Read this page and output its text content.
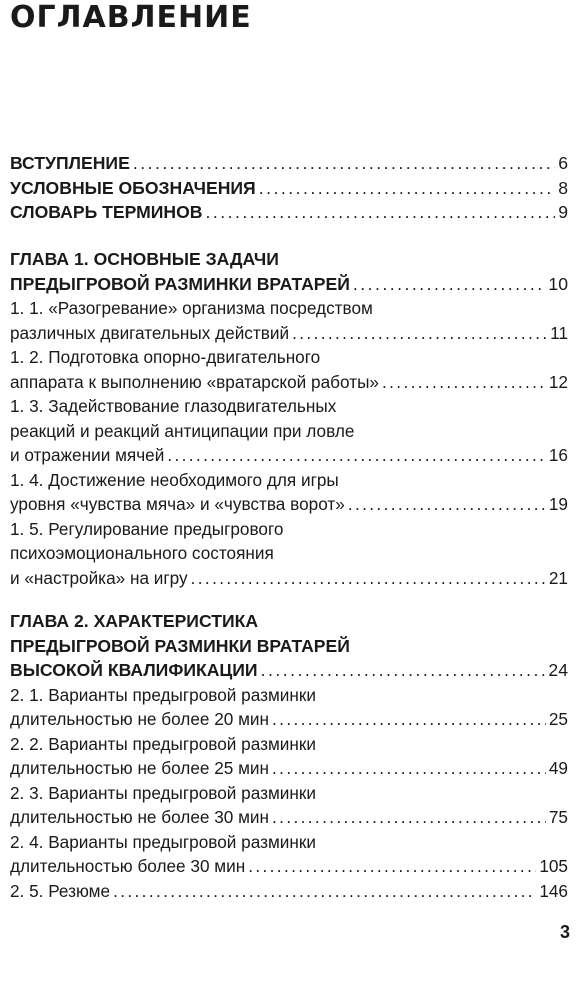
ОГЛАВЛЕНИЕ
ВСТУПЛЕНИЕ . . .	6
УСЛОВНЫЕ ОБОЗНАЧЕНИЯ . . .	8
СЛОВАРЬ ТЕРМИНОВ . . .	9
ГЛАВА 1. ОСНОВНЫЕ ЗАДАЧИ
ПРЕДЫГРОВОЙ РАЗМИНКИ ВРАТАРЕЙ . . .	10
1. 1. «Разогревание» организма посредством
различных двигательных действий . . .	11
1. 2. Подготовка опорно-двигательного
аппарата к выполнению «вратарской работы» . . .	12
1. 3. Задействование глазодвигательных
реакций и реакций антиципации при ловле
и отражении мячей . . .	16
1. 4. Достижение необходимого для игры
уровня «чувства мяча» и «чувства ворот» . . .	19
1. 5. Регулирование предыгрового
психоэмоционального состояния
и «настройка» на игру . . .	21
ГЛАВА 2. ХАРАКТЕРИСТИКА
ПРЕДЫГРОВОЙ РАЗМИНКИ ВРАТАРЕЙ
ВЫСОКОЙ КВАЛИФИКАЦИИ . . .	24
2. 1. Варианты предыгровой разминки
длительностью не более 20 мин . . .	25
2. 2. Варианты предыгровой разминки
длительностью не более 25 мин . . .	49
2. 3. Варианты предыгровой разминки
длительностью не более 30 мин . . .	75
2. 4. Варианты предыгровой разминки
длительностью более 30 мин . . .	105
2. 5. Резюме . . .	146
3
